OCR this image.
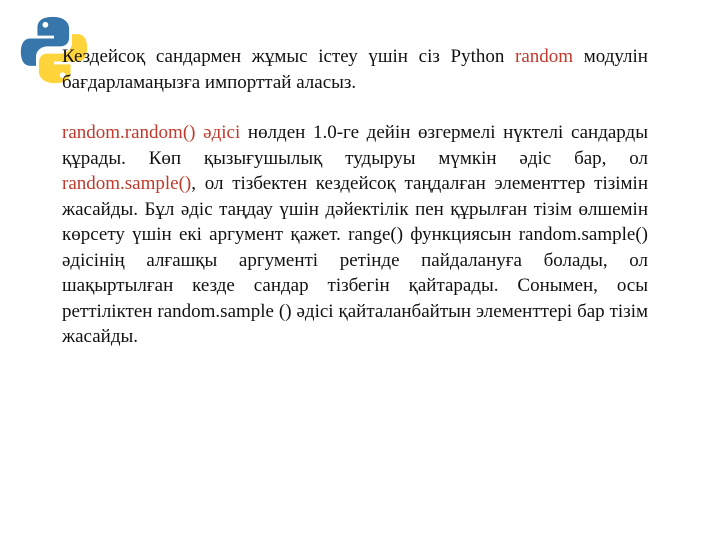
Кездейсоқ сандармен жұмыс істеу үшін сіз Python random модулін бағдарламаңызға импорттай аласыз.

random.random() әдісі нөлден 1.0-ге дейін өзгермелі нүктелі сандарды құрады. Көп қызығушылық тудыруы мүмкін әдіс бар, ол random.sample(), ол тізбектен кездейсоқ таңдалған элементтер тізімін жасайды. Бұл әдіс таңдау үшін дәйектілік пен құрылған тізім өлшемін көрсету үшін екі аргумент қажет. range() функциясын random.sample() әдісінің алғашқы аргументі ретінде пайдалануға болады, ол шақыртылған кезде сандар тізбегін қайтарады. Сонымен, осы реттіліктен random.sample () әдісі қайталанбайтын элементтері бар тізім жасайды.
